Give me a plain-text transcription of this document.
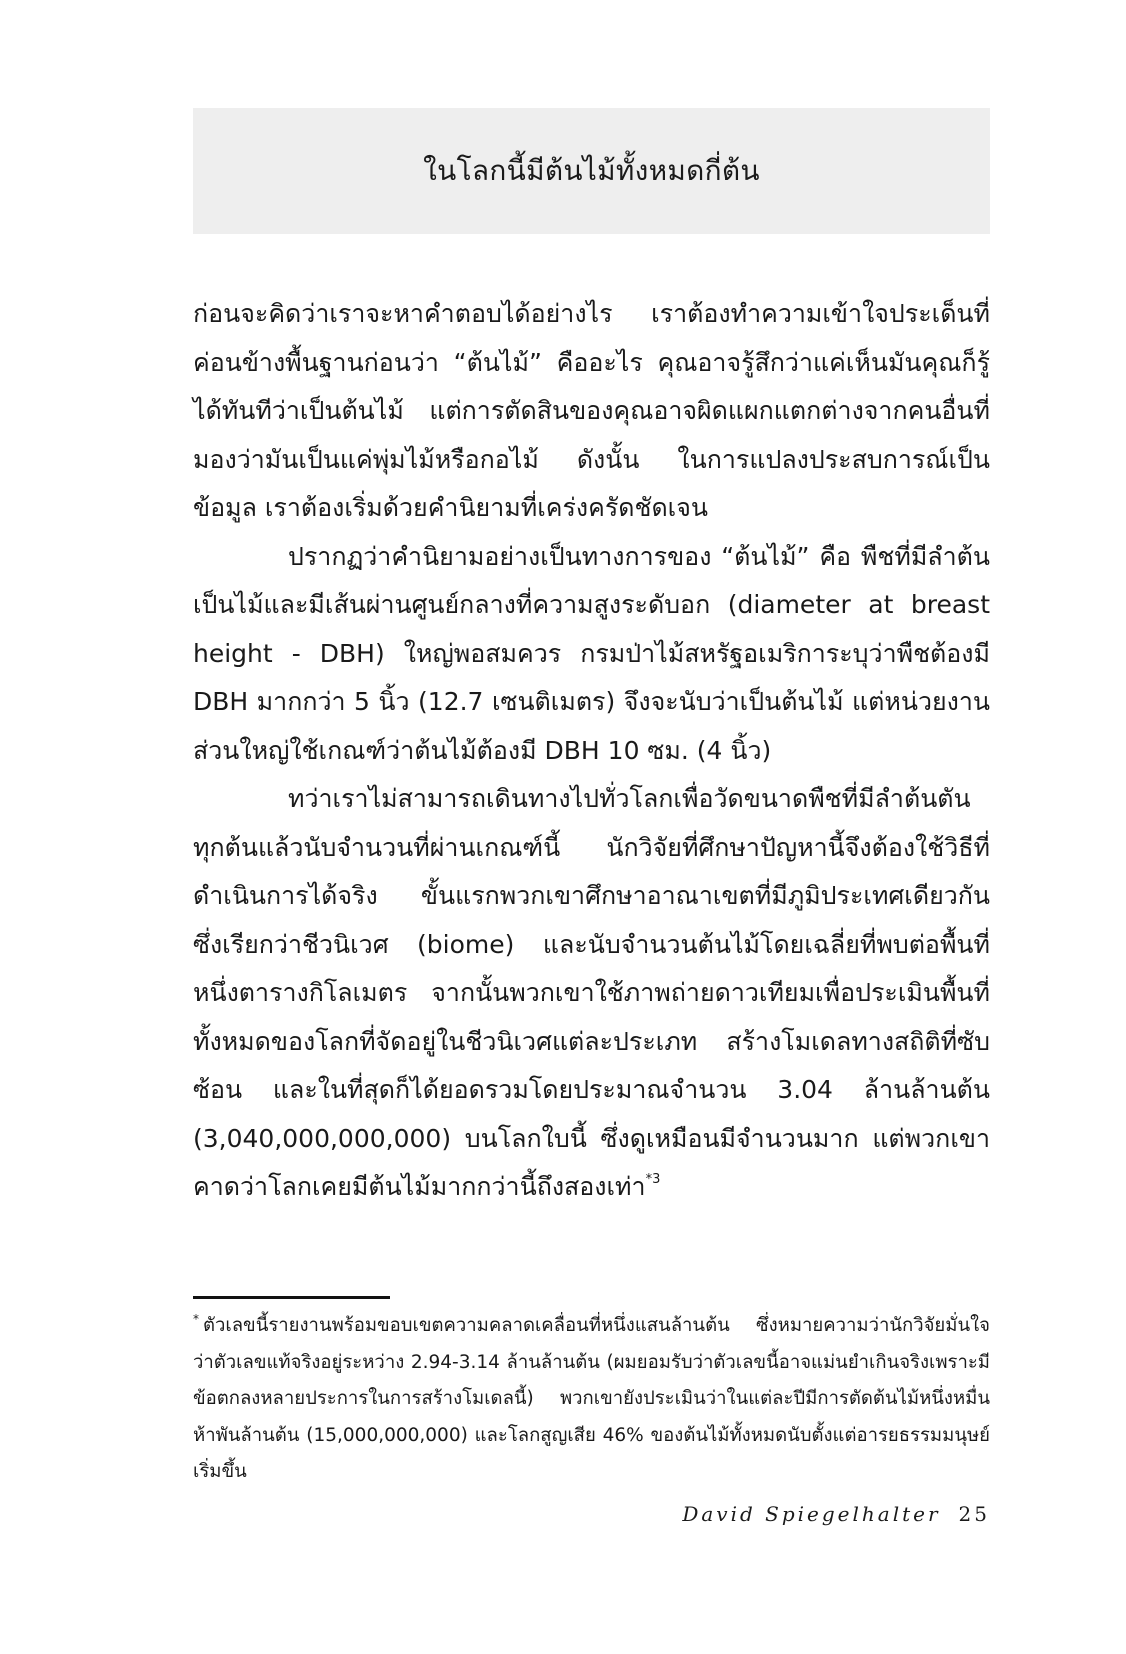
ในโลกนี้มีต้นไม้ทั้งหมดกี่ต้น

ก่อนจะคิดว่าเราจะหาคำตอบได้อย่างไร เราต้องทำความเข้าใจประเด็นที่ค่อนข้างพื้นฐานก่อนว่า “ต้นไม้” คืออะไร คุณอาจรู้สึกว่าแค่เห็นมันคุณก็รู้ได้ทันทีว่าเป็นต้นไม้ แต่การตัดสินของคุณอาจผิดแผกแตกต่างจากคนอื่นที่มองว่ามันเป็นแค่พุ่มไม้หรือกอไม้ ดังนั้น ในการแปลงประสบการณ์เป็นข้อมูล เราต้องเริ่มด้วยคำนิยามที่เคร่งครัดชัดเจน

ปรากฏว่าคำนิยามอย่างเป็นทางการของ “ต้นไม้” คือ พืชที่มีลำต้นเป็นไม้และมีเส้นผ่านศูนย์กลางที่ความสูงระดับอก (diameter at breast height - DBH) ใหญ่พอสมควร กรมป่าไม้สหรัฐอเมริการะบุว่าพืชต้องมี DBH มากกว่า 5 นิ้ว (12.7 เซนติเมตร) จึงจะนับว่าเป็นต้นไม้ แต่หน่วยงานส่วนใหญ่ใช้เกณฑ์ว่าต้นไม้ต้องมี DBH 10 ซม. (4 นิ้ว)

ทว่าเราไม่สามารถเดินทางไปทั่วโลกเพื่อวัดขนาดพืชที่มีลำต้นตันทุกต้นแล้วนับจำนวนที่ผ่านเกณฑ์นี้ นักวิจัยที่ศึกษาปัญหานี้จึงต้องใช้วิธีที่ดำเนินการได้จริง ขั้นแรกพวกเขาศึกษาอาณาเขตที่มีภูมิประเทศเดียวกัน ซึ่งเรียกว่าชีวนิเวศ (biome) และนับจำนวนต้นไม้โดยเฉลี่ยที่พบต่อพื้นที่หนึ่งตารางกิโลเมตร จากนั้นพวกเขาใช้ภาพถ่ายดาวเทียมเพื่อประเมินพื้นที่ทั้งหมดของโลกที่จัดอยู่ในชีวนิเวศแต่ละประเภท สร้างโมเดลทางสถิติที่ซับซ้อน และในที่สุดก็ได้ยอดรวมโดยประมาณจำนวน 3.04 ล้านล้านต้น (3,040,000,000,000) บนโลกใบนี้ ซึ่งดูเหมือนมีจำนวนมาก แต่พวกเขาคาดว่าโลกเคยมีต้นไม้มากกว่านี้ถึงสองเท่า$^{*3}$

* ตัวเลขนี้รายงานพร้อมขอบเขตความคลาดเคลื่อนที่หนึ่งแสนล้านต้น ซึ่งหมายความว่านักวิจัยมั่นใจว่าตัวเลขแท้จริงอยู่ระหว่าง 2.94-3.14 ล้านล้านต้น (ผมยอมรับว่าตัวเลขนี้อาจแม่นยำเกินจริงเพราะมีข้อตกลงหลายประการในการสร้างโมเดลนี้) พวกเขายังประเมินว่าในแต่ละปีมีการตัดต้นไม้หนึ่งหมื่นห้าพันล้านต้น (15,000,000,000) และโลกสูญเสีย 46% ของต้นไม้ทั้งหมดนับตั้งแต่อารยธรรมมนุษย์เริ่มขึ้น

David Spiegelhalter 25
